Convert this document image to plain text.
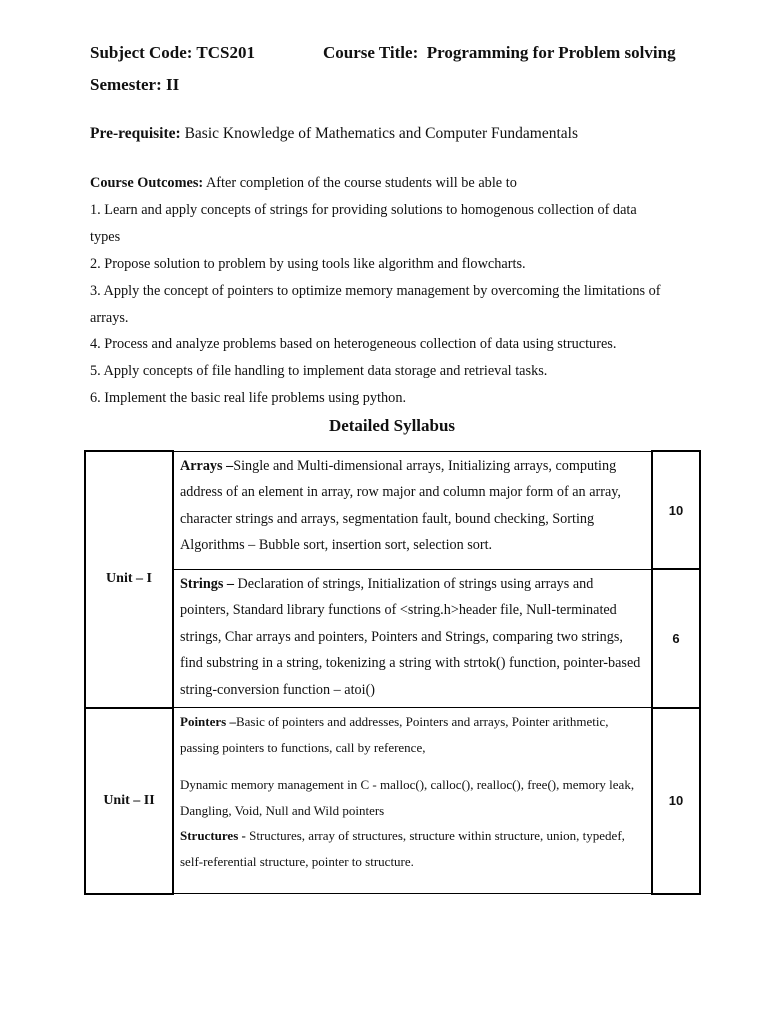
Subject Code: TCS201	Course Title: Programming for Problem solving
Semester: II
Pre-requisite: Basic Knowledge of Mathematics and Computer Fundamentals
Course Outcomes: After completion of the course students will be able to
1. Learn and apply concepts of strings for providing solutions to homogenous collection of data
types
2. Propose solution to problem by using tools like algorithm and flowcharts.
3. Apply the concept of pointers to optimize memory management by overcoming the limitations of
arrays.
4. Process and analyze problems based on heterogeneous collection of data using structures.
5. Apply concepts of file handling to implement data storage and retrieval tasks.
6. Implement the basic real life problems using python.
Detailed Syllabus
Unit – I	Arrays –Single and Multi-dimensional arrays, Initializing arrays, computing address of an element in array, row major and column major form of an array, character strings and arrays, segmentation fault, bound checking, Sorting Algorithms – Bubble sort, insertion sort, selection sort.	10
	Strings – Declaration of strings, Initialization of strings using arrays and pointers, Standard library functions of <string.h>header file, Null-terminated strings, Char arrays and pointers, Pointers and Strings, comparing two strings, find substring in a string, tokenizing a string with strtok() function, pointer-based string-conversion function – atoi()	6
Unit – II	Pointers –Basic of pointers and addresses, Pointers and arrays, Pointer arithmetic, passing pointers to functions, call by reference,
Dynamic memory management in C - malloc(), calloc(), realloc(), free(), memory leak,
Dangling, Void, Null and Wild pointers
Structures - Structures, array of structures, structure within structure, union, typedef, self-referential structure, pointer to structure.	10
